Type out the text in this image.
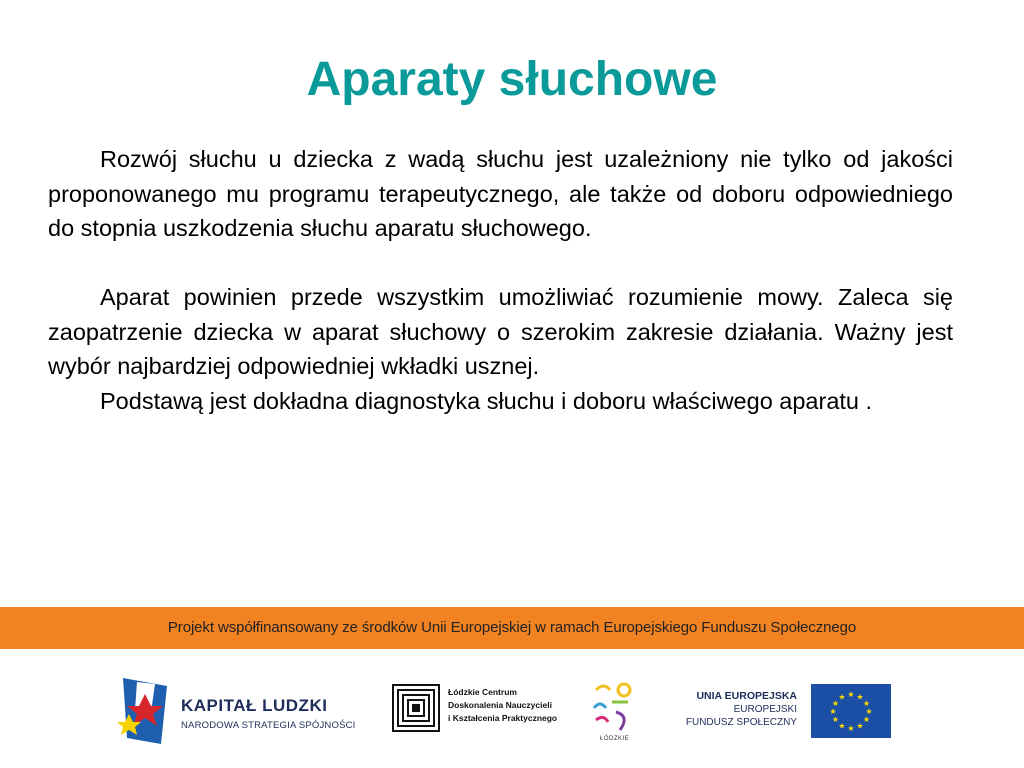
Aparaty słuchowe

Rozwój słuchu u dziecka z wadą słuchu jest uzależniony nie tylko od jakości proponowanego mu programu terapeutycznego, ale także od doboru odpowiedniego do stopnia uszkodzenia słuchu aparatu słuchowego.

Aparat powinien przede wszystkim umożliwiać rozumienie mowy. Zaleca się zaopatrzenie dziecka w aparat słuchowy o szerokim zakresie działania. Ważny jest wybór najbardziej odpowiedniej wkładki usznej.

Podstawą jest dokładna diagnostyka słuchu i doboru właściwego aparatu .

Projekt współfinansowany ze środków Unii Europejskiej w ramach Europejskiego Funduszu Społecznego
KAPITAŁ LUDZKI
NARODOWA STRATEGIA SPÓJNOŚCI
Łódzkie Centrum
Doskonalenia Nauczycieli
i Kształcenia Praktycznego
ŁÓDZKIE
UNIA EUROPEJSKA
EUROPEJSKI
FUNDUSZ SPOŁECZNY
★ ★
★
★
★
★
★
★
★
★
★
★
